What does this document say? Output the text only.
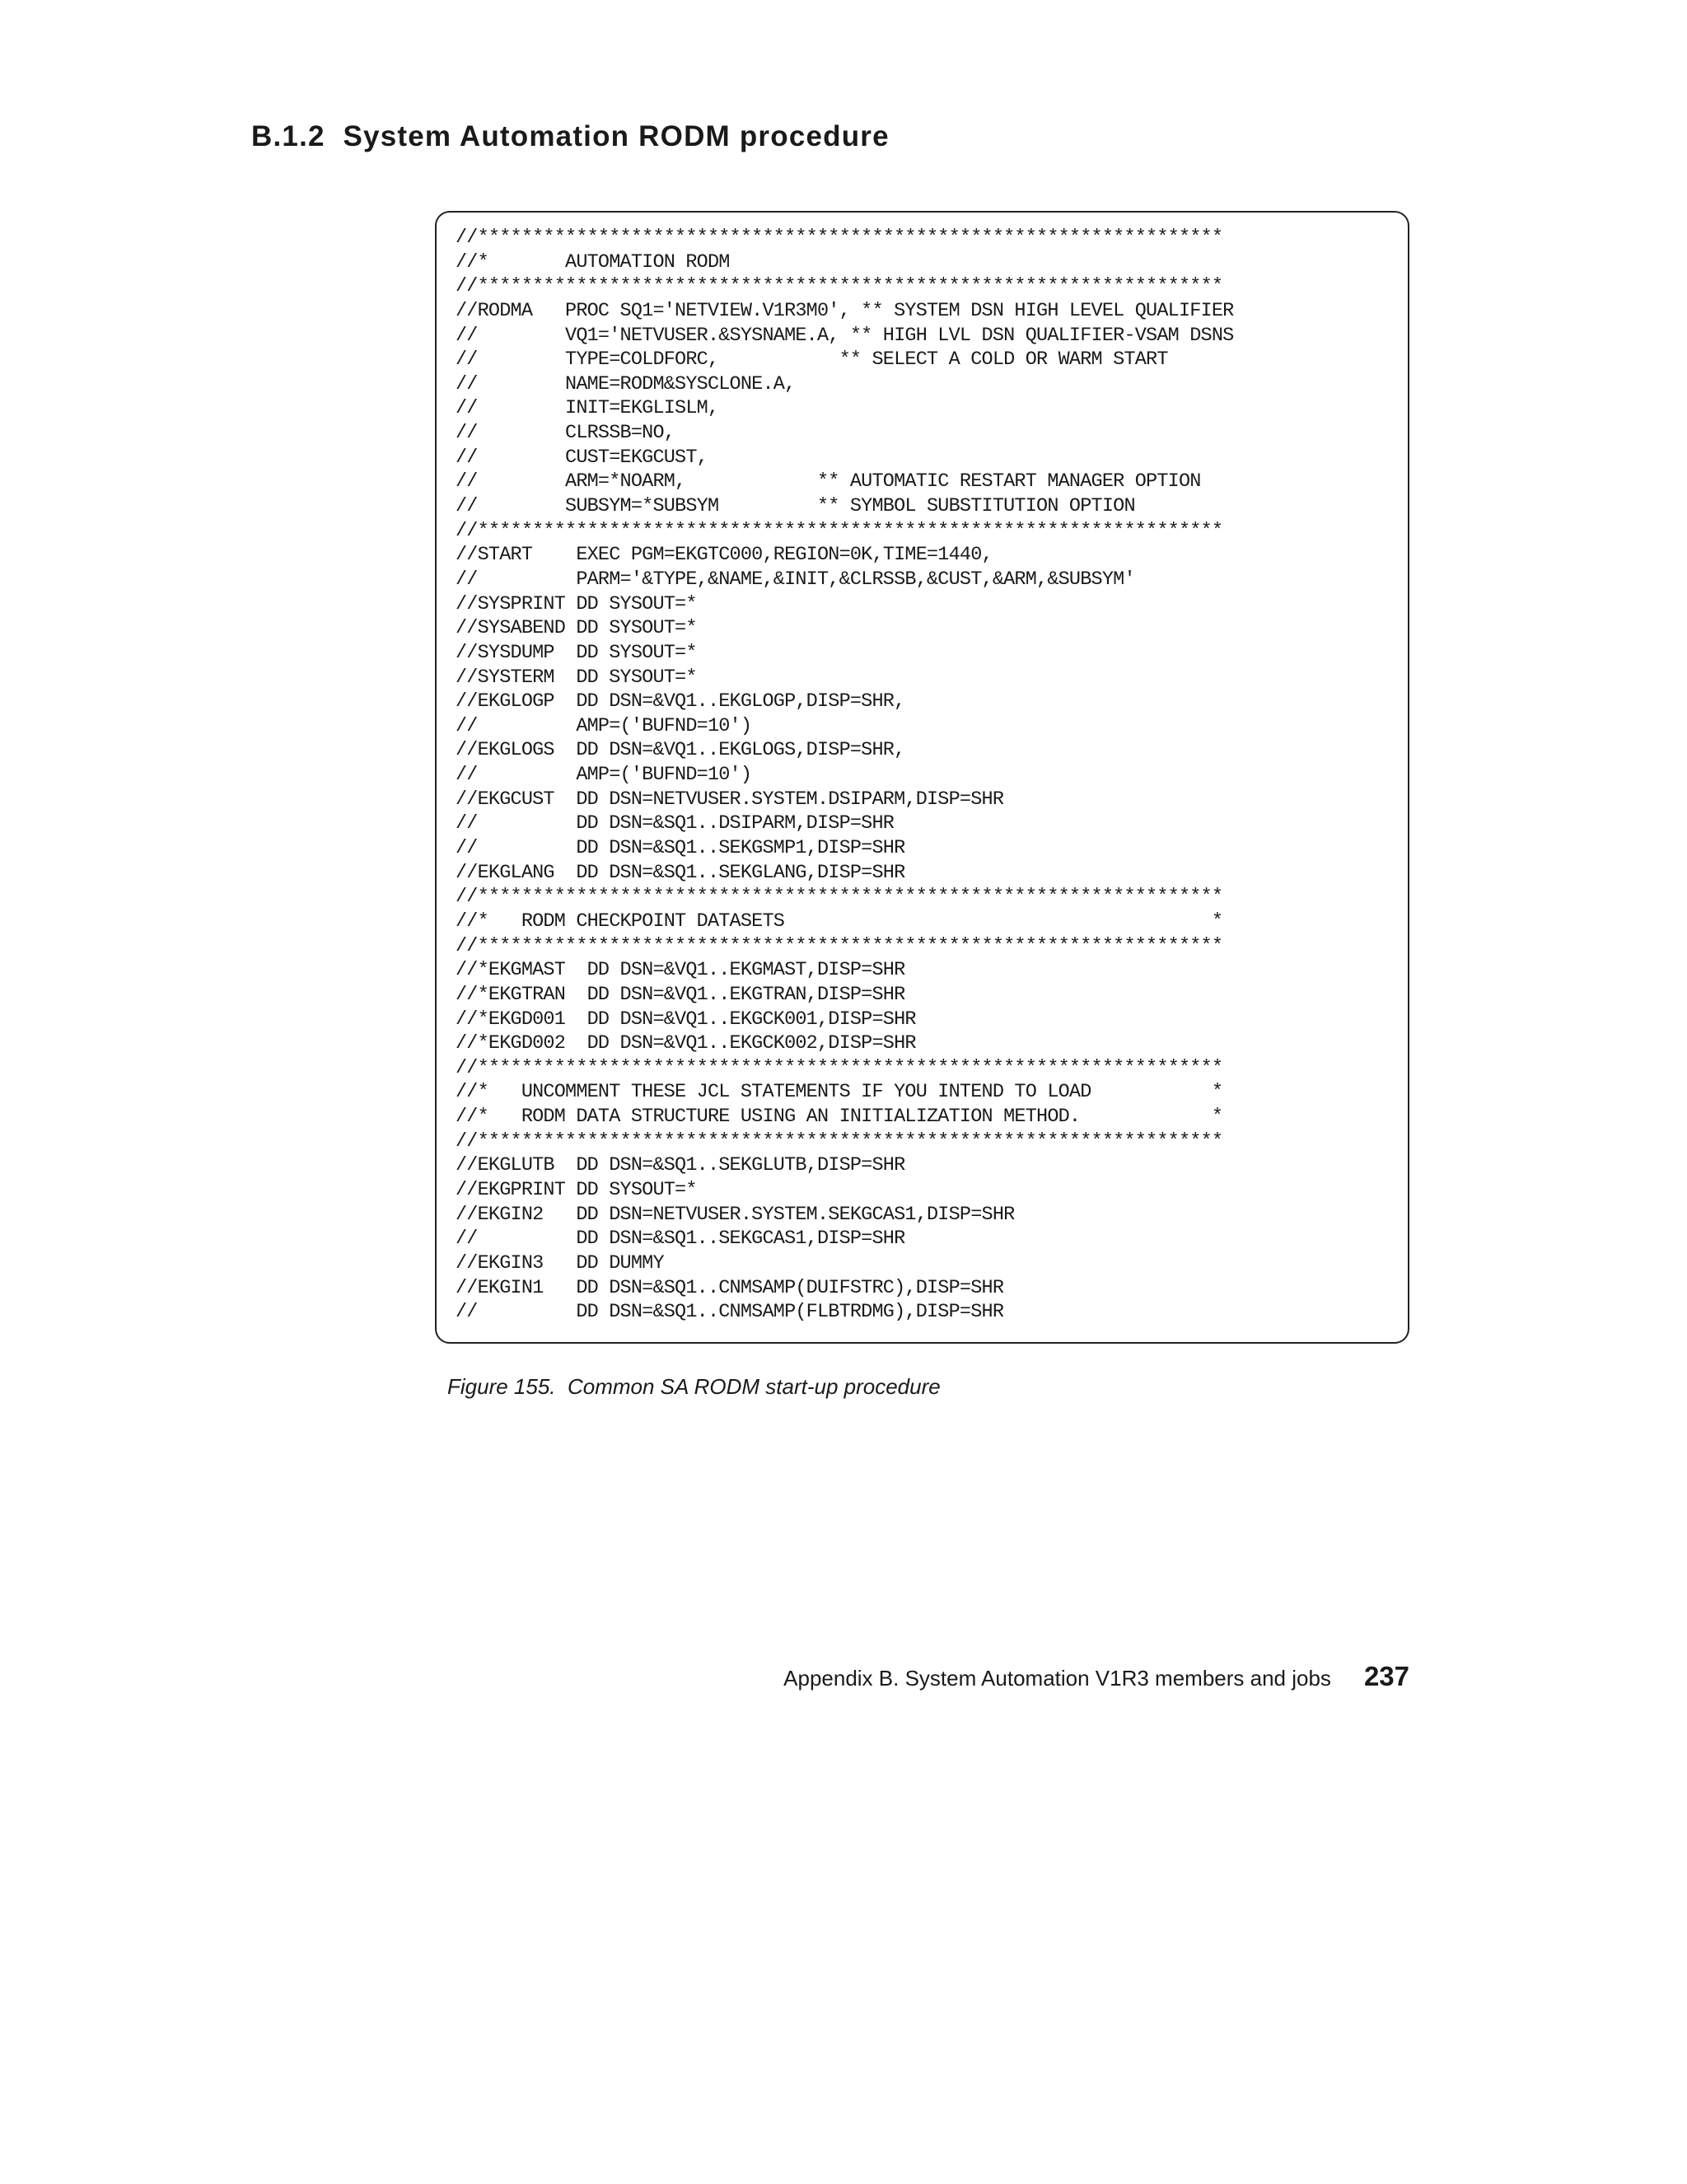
B.1.2  System Automation RODM procedure
//********************************************************************
//*       AUTOMATION RODM
//********************************************************************
//RODMA   PROC SQ1='NETVIEW.V1R3M0', ** SYSTEM DSN HIGH LEVEL QUALIFIER
//        VQ1='NETVUSER.&SYSNAME.A, ** HIGH LVL DSN QUALIFIER-VSAM DSNS
//        TYPE=COLDFORC,           ** SELECT A COLD OR WARM START
//        NAME=RODM&SYSCLONE.A,
//        INIT=EKGLISLM,
//        CLRSSB=NO,
//        CUST=EKGCUST,
//        ARM=*NOARM,            ** AUTOMATIC RESTART MANAGER OPTION
//        SUBSYM=*SUBSYM         ** SYMBOL SUBSTITUTION OPTION
//********************************************************************
//START    EXEC PGM=EKGTC000,REGION=0K,TIME=1440,
//         PARM='&TYPE,&NAME,&INIT,&CLRSSB,&CUST,&ARM,&SUBSYM'
//SYSPRINT DD SYSOUT=*
//SYSABEND DD SYSOUT=*
//SYSDUMP  DD SYSOUT=*
//SYSTERM  DD SYSOUT=*
//EKGLOGP  DD DSN=&VQ1..EKGLOGP,DISP=SHR,
//         AMP=('BUFND=10')
//EKGLOGS  DD DSN=&VQ1..EKGLOGS,DISP=SHR,
//         AMP=('BUFND=10')
//EKGCUST  DD DSN=NETVUSER.SYSTEM.DSIPARM,DISP=SHR
//         DD DSN=&SQ1..DSIPARM,DISP=SHR
//         DD DSN=&SQ1..SEKGSMP1,DISP=SHR
//EKGLANG  DD DSN=&SQ1..SEKGLANG,DISP=SHR
//********************************************************************
//*   RODM CHECKPOINT DATASETS                                       *
//********************************************************************
//*EKGMAST  DD DSN=&VQ1..EKGMAST,DISP=SHR
//*EKGTRAN  DD DSN=&VQ1..EKGTRAN,DISP=SHR
//*EKGD001  DD DSN=&VQ1..EKGCK001,DISP=SHR
//*EKGD002  DD DSN=&VQ1..EKGCK002,DISP=SHR
//********************************************************************
//*   UNCOMMENT THESE JCL STATEMENTS IF YOU INTEND TO LOAD           *
//*   RODM DATA STRUCTURE USING AN INITIALIZATION METHOD.            *
//********************************************************************
//EKGLUTB  DD DSN=&SQ1..SEKGLUTB,DISP=SHR
//EKGPRINT DD SYSOUT=*
//EKGIN2   DD DSN=NETVUSER.SYSTEM.SEKGCAS1,DISP=SHR
//         DD DSN=&SQ1..SEKGCAS1,DISP=SHR
//EKGIN3   DD DUMMY
//EKGIN1   DD DSN=&SQ1..CNMSAMP(DUIFSTRC),DISP=SHR
//         DD DSN=&SQ1..CNMSAMP(FLBTRDMG),DISP=SHR
Figure 155.  Common SA RODM start-up procedure
Appendix B. System Automation V1R3 members and jobs 237
